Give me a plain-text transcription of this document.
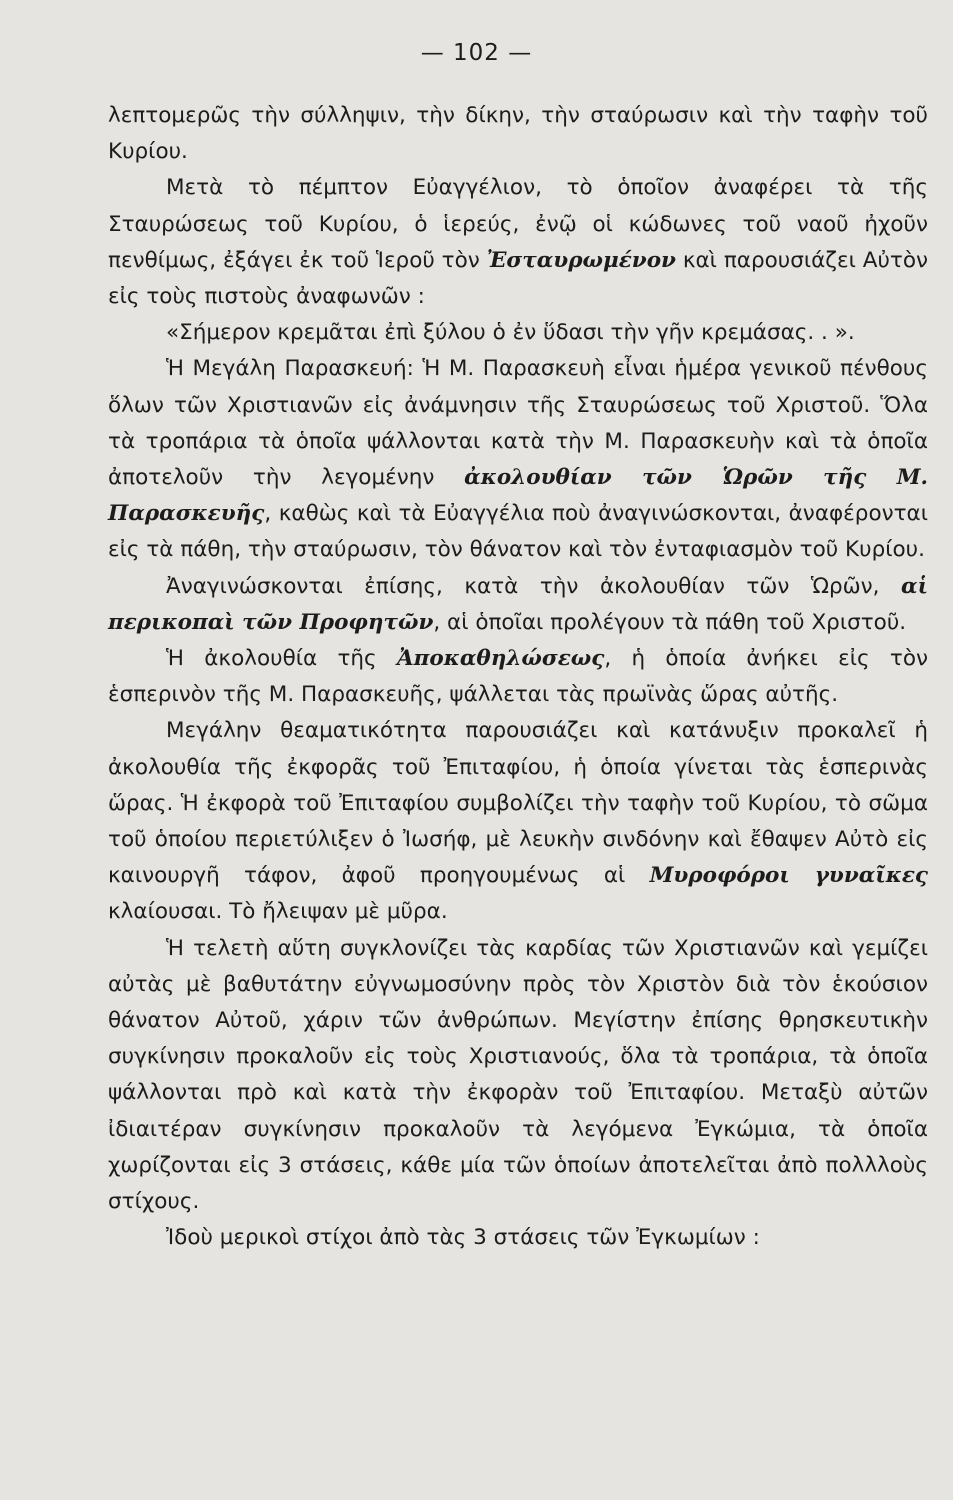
— 102 —

λεπτομερῶς τὴν σύλληψιν, τὴν δίκην, τὴν σταύρωσιν καὶ τὴν ταφὴν τοῦ Κυρίου.

Μετὰ τὸ πέμπτον Εὐαγγέλιον, τὸ ὁποῖον ἀναφέρει τὰ τῆς Σταυρώσεως τοῦ Κυρίου, ὁ ἱερεύς, ἐνῷ οἱ κώδωνες τοῦ ναοῦ ἠχοῦν πενθίμως, ἐξάγει ἐκ τοῦ Ἱεροῦ τὸν Ἐσταυρωμένον καὶ παρουσιάζει Αὐτὸν εἰς τοὺς πιστοὺς ἀναφωνῶν :

«Σήμερον κρεμᾶται ἐπὶ ξύλου ὁ ἐν ὕδασι τὴν γῆν κρεμάσας. . ».

Ἡ Μεγάλη Παρασκευή: Ἡ Μ. Παρασκευὴ εἶναι ἡμέρα γενικοῦ πένθους ὅλων τῶν Χριστιανῶν εἰς ἀνάμνησιν τῆς Σταυρώσεως τοῦ Χριστοῦ. Ὅλα τὰ τροπάρια τὰ ὁποῖα ψάλλονται κατὰ τὴν Μ. Παρασκευὴν καὶ τὰ ὁποῖα ἀποτελοῦν τὴν λεγομένην ἀκολουθίαν τῶν Ὡρῶν τῆς Μ. Παρασκευῆς, καθὼς καὶ τὰ Εὐαγγέλια ποὺ ἀναγινώσκονται, ἀναφέρονται εἰς τὰ πάθη, τὴν σταύρωσιν, τὸν θάνατον καὶ τὸν ἐνταφιασμὸν τοῦ Κυρίου.

Ἀναγινώσκονται ἐπίσης, κατὰ τὴν ἀκολουθίαν τῶν Ὡρῶν, αἱ περικοπαὶ τῶν Προφητῶν, αἱ ὁποῖαι προλέγουν τὰ πάθη τοῦ Χριστοῦ.

Ἡ ἀκολουθία τῆς Ἀποκαθηλώσεως, ἡ ὁποία ἀνήκει εἰς τὸν ἑσπερινὸν τῆς Μ. Παρασκευῆς, ψάλλεται τὰς πρωϊνὰς ὥρας αὐτῆς.

Μεγάλην θεαματικότητα παρουσιάζει καὶ κατάνυξιν προκαλεῖ ἡ ἀκολουθία τῆς ἐκφορᾶς τοῦ Ἐπιταφίου, ἡ ὁποία γίνεται τὰς ἑσπερινὰς ὥρας. Ἡ ἐκφορὰ τοῦ Ἐπιταφίου συμβολίζει τὴν ταφὴν τοῦ Κυρίου, τὸ σῶμα τοῦ ὁποίου περιετύλιξεν ὁ Ἰωσήφ, μὲ λευκὴν σινδόνην καὶ ἔθαψεν Αὐτὸ εἰς καινουργῆ τάφον, ἀφοῦ προηγουμένως αἱ Μυροφόροι γυναῖκες κλαίουσαι. Τὸ ἤλειψαν μὲ μῦρα.

Ἡ τελετὴ αὕτη συγκλονίζει τὰς καρδίας τῶν Χριστιανῶν καὶ γεμίζει αὐτὰς μὲ βαθυτάτην εὐγνωμοσύνην πρὸς τὸν Χριστὸν διὰ τὸν ἑκούσιον θάνατον Αὐτοῦ, χάριν τῶν ἀνθρώπων. Μεγίστην ἐπίσης θρησκευτικὴν συγκίνησιν προκαλοῦν εἰς τοὺς Χριστιανούς, ὅλα τὰ τροπάρια, τὰ ὁποῖα ψάλλονται πρὸ καὶ κατὰ τὴν ἐκφορὰν τοῦ Ἐπιταφίου. Μεταξὺ αὐτῶν ἰδιαιτέραν συγκίνησιν προκαλοῦν τὰ λεγόμενα Ἐγκώμια, τὰ ὁποῖα χωρίζονται εἰς 3 στάσεις, κάθε μία τῶν ὁποίων ἀποτελεῖται ἀπὸ πολλλοὺς στίχους.

Ἰδοὺ μερικοὶ στίχοι ἀπὸ τὰς 3 στάσεις τῶν Ἐγκωμίων :
